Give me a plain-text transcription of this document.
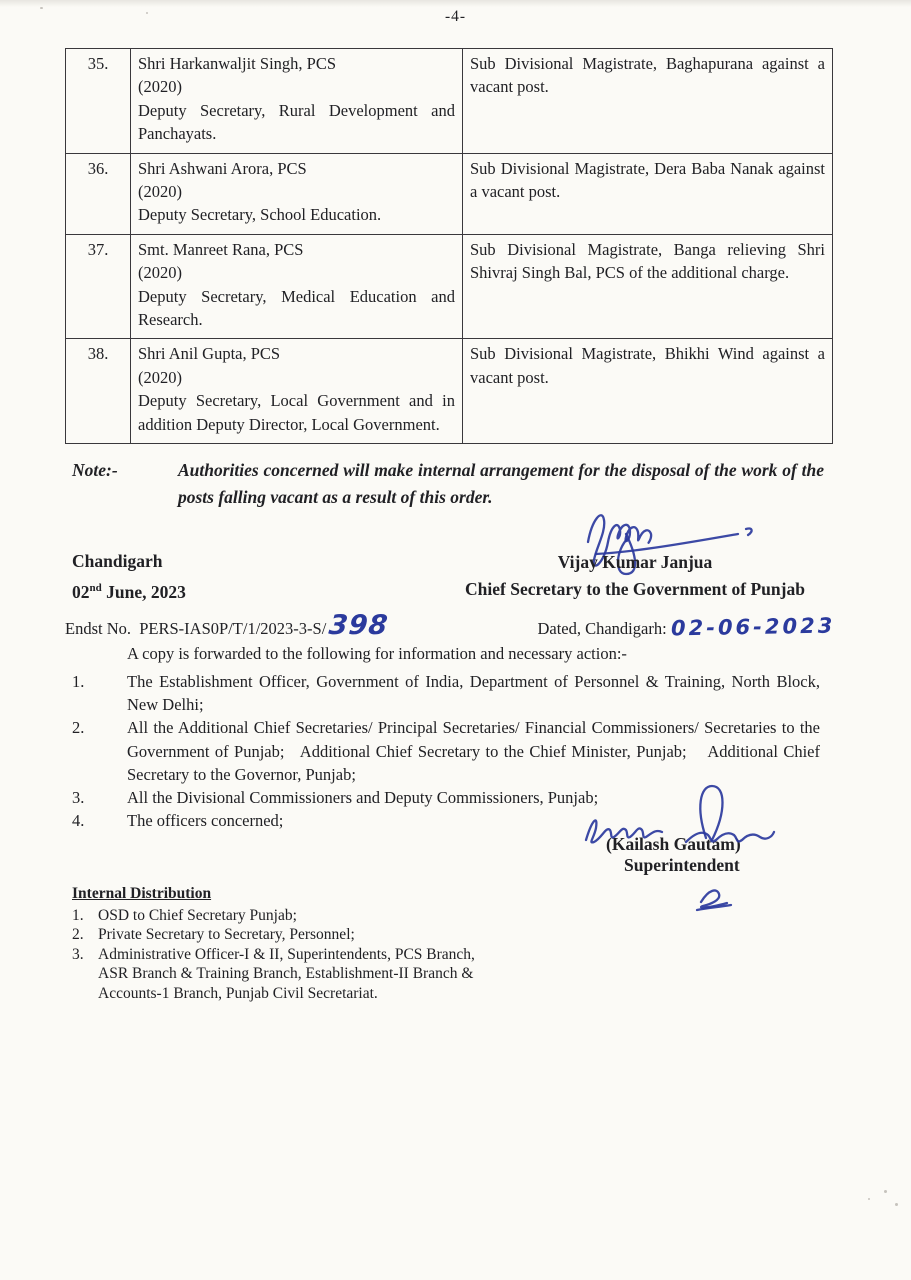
-4-
35.	Shri Harkanwaljit Singh, PCS
(2020)
Deputy Secretary, Rural Development and Panchayats.	Sub Divisional Magistrate, Baghapurana against a vacant post.
36.	Shri Ashwani Arora, PCS
(2020)
Deputy Secretary, School Education.	Sub Divisional Magistrate, Dera Baba Nanak against a vacant post.
37.	Smt. Manreet Rana, PCS
(2020)
Deputy Secretary, Medical Education and Research.	Sub Divisional Magistrate, Banga relieving Shri Shivraj Singh Bal, PCS of the additional charge.
38.	Shri Anil Gupta, PCS
(2020)
Deputy Secretary, Local Government and in addition Deputy Director, Local Government.	Sub Divisional Magistrate, Bhikhi Wind against a vacant post.
Note:-	Authorities concerned will make internal arrangement for the disposal of the work of the posts falling vacant as a result of this order.
Chandigarh
02nd June, 2023
Vijay Kumar Janjua
Chief Secretary to the Government of Punjab
Endst No.  PERS-IAS0P/T/1/2023-3-S/ 398	Dated, Chandigarh: 02-06-2023
A copy is forwarded to the following for information and necessary action:-
1.	The Establishment Officer, Government of India, Department of Personnel & Training, North Block, New Delhi;
2.	All the Additional Chief Secretaries/ Principal Secretaries/ Financial Commissioners/ Secretaries to the Government of Punjab;   Additional Chief Secretary to the Chief Minister, Punjab;    Additional Chief Secretary to the Governor, Punjab;
3.	All the Divisional Commissioners and Deputy Commissioners, Punjab;
4.	The officers concerned;
(Kailash Gautam)
Superintendent
Internal Distribution
1. OSD to Chief Secretary Punjab;
2. Private Secretary to Secretary, Personnel;
3. Administrative Officer-I & II, Superintendents, PCS Branch, ASR Branch & Training Branch, Establishment-II Branch & Accounts-1 Branch, Punjab Civil Secretariat.
